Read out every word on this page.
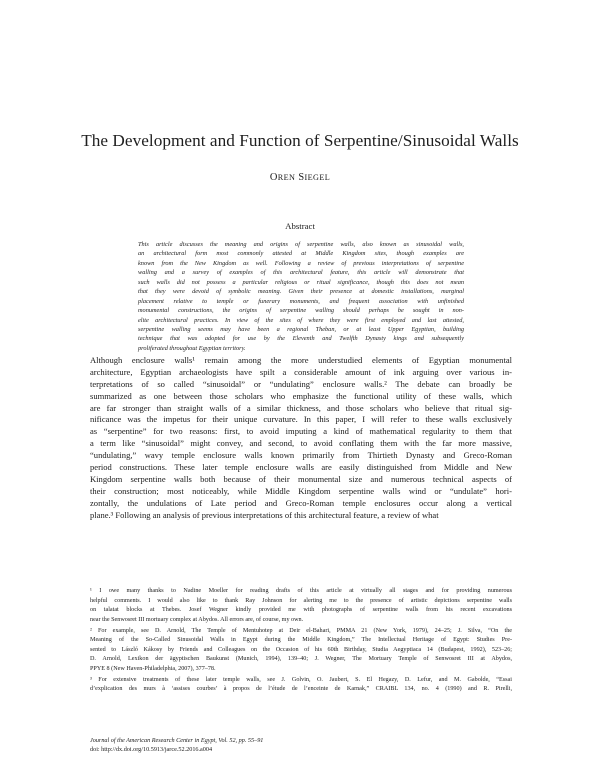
The Development and Function of Serpentine/Sinusoidal Walls
OREN SIEGEL
Abstract
This article discusses the meaning and origins of serpentine walls, also known as sinusoidal walls,
an architectural form most commonly attested at Middle Kingdom sites, though examples are
known from the New Kingdom as well. Following a review of previous interpretations of serpentine
walling and a survey of examples of this architectural feature, this article will demonstrate that
such walls did not possess a particular religious or ritual significance, though this does not mean
that they were devoid of symbolic meaning. Given their presence at domestic installations, marginal
placement relative to temple or funerary monuments, and frequent association with unfinished
monumental constructions, the origins of serpentine walling should perhaps be sought in non-
elite architectural practices. In view of the sites of where they were first employed and last attested,
serpentine walling seems may have been a regional Theban, or at least Upper Egyptian, building
technique that was adopted for use by the Eleventh and Twelfth Dynasty kings and subsequently
proliferated throughout Egyptian territory.
Although enclosure walls¹ remain among the more understudied elements of Egyptian monumental
architecture, Egyptian archaeologists have spilt a considerable amount of ink arguing over various in-
terpretations of so called “sinusoidal” or “undulating” enclosure walls.² The debate can broadly be
summarized as one between those scholars who emphasize the functional utility of these walls, which
are far stronger than straight walls of a similar thickness, and those scholars who believe that ritual sig-
nificance was the impetus for their unique curvature. In this paper, I will refer to these walls exclusively
as “serpentine” for two reasons: first, to avoid imputing a kind of mathematical regularity to them that
a term like “sinusoidal” might convey, and second, to avoid conflating them with the far more massive,
“undulating,” wavy temple enclosure walls known primarily from Thirtieth Dynasty and Greco-Roman
period constructions. These later temple enclosure walls are easily distinguished from Middle and New
Kingdom serpentine walls both because of their monumental size and numerous technical aspects of
their construction; most noticeably, while Middle Kingdom serpentine walls wind or “undulate” hori-
zontally, the undulations of Late period and Greco-Roman temple enclosures occur along a vertical
plane.³ Following an analysis of previous interpretations of this architectural feature, a review of what
¹ I owe many thanks to Nadine Moeller for reading drafts of this article at virtually all stages and for providing numerous
helpful comments. I would also like to thank Ray Johnson for alerting me to the presence of artistic depictions serpentine walls
on talatat blocks at Thebes. Josef Wegner kindly provided me with photographs of serpentine walls from his recent excavations
near the Senwosret III mortuary complex at Abydos. All errors are, of course, my own.
² For example, see D. Arnold, The Temple of Mentuhotep at Deir el-Bahari, PMMA 21 (New York, 1979), 24–25; J. Silva, “On the
Meaning of the So-Called Sinusoidal Walls in Egypt during the Middle Kingdom,” The Intellectual Heritage of Egypt: Studies Pre-
sented to László Kákosy by Friends and Colleagues on the Occasion of his 60th Birthday, Studia Aegyptiaca 14 (Budapest, 1992), 523–26;
D. Arnold, Lexikon der ägyptischen Baukunst (Munich, 1994), 139–40; J. Wegner, The Mortuary Temple of Senwosret III at Abydos,
PPYE 8 (New Haven-Philadelphia, 2007), 377–78.
³ For extensive treatments of these later temple walls, see J. Golvin, O. Jaubert, S. El Hegazy, D. Lefur, and M. Gabolde, “Essai
d’explication des murs à ‘assises courbes’ à propos de l’étude de l’enceinte de Karnak,” CRAIBL 134, no. 4 (1990) and R. Pirelli,
Journal of the American Research Center in Egypt, Vol. 52, pp. 55–91
doi: http://dx.doi.org/10.5913/jarce.52.2016.a004
